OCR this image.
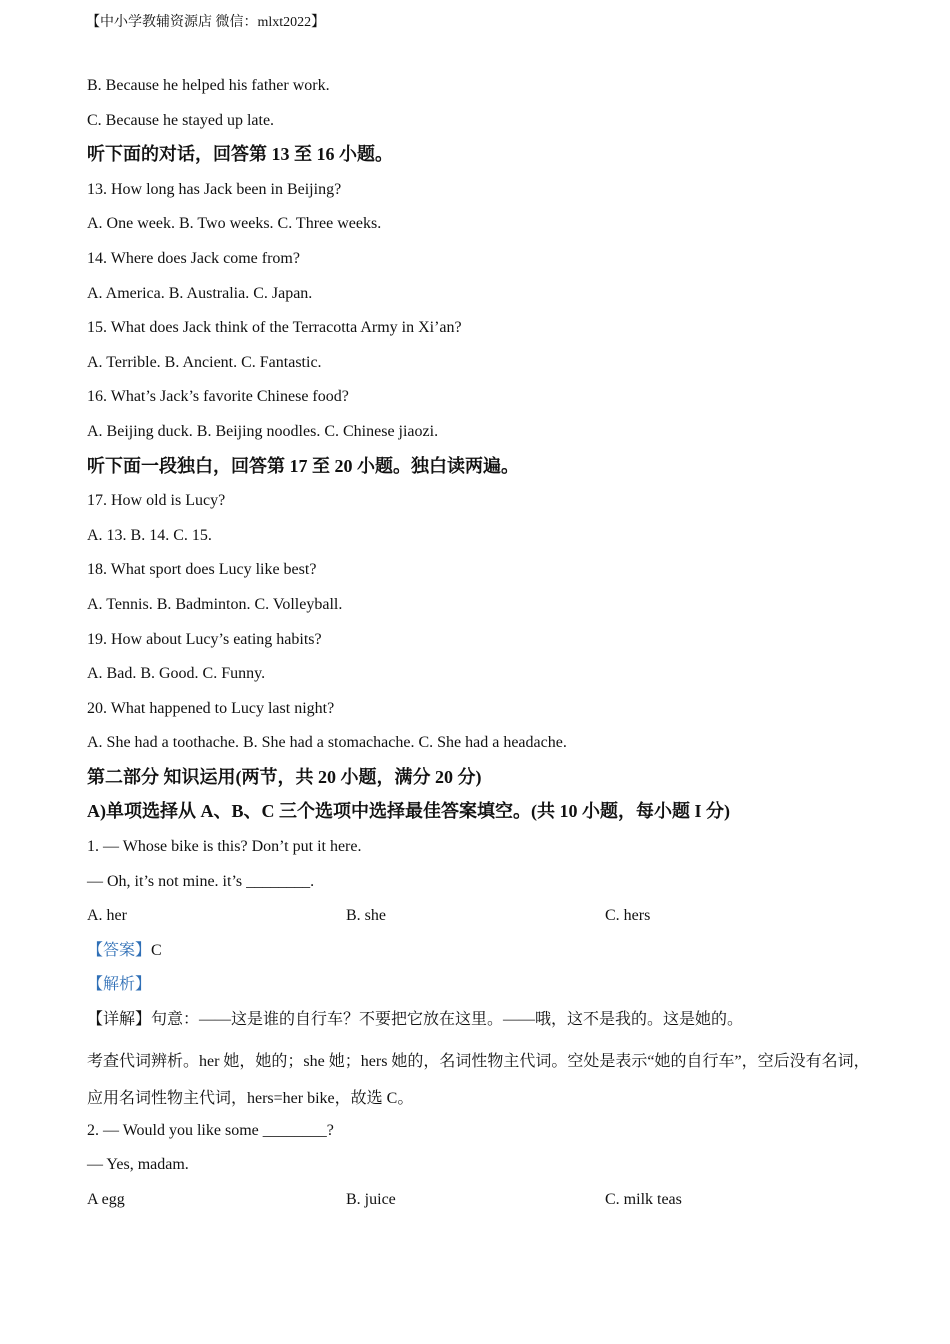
【中小学教辅资源店 微信：mlxt2022】
B. Because he helped his father work.
C. Because he stayed up late.
听下面的对话，回答第 13 至 16 小题。
13. How long has Jack been in Beijing?
A. One week. B. Two weeks. C. Three weeks.
14. Where does Jack come from?
A. America. B. Australia. C. Japan.
15. What does Jack think of the Terracotta Army in Xi’an?
A. Terrible. B. Ancient. C. Fantastic.
16. What’s Jack’s favorite Chinese food?
A. Beijing duck. B. Beijing noodles. C. Chinese jiaozi.
听下面一段独白，回答第 17 至 20 小题。独白读两遍。
17. How old is Lucy?
A. 13. B. 14. C. 15.
18. What sport does Lucy like best?
A. Tennis. B. Badminton. C. Volleyball.
19. How about Lucy’s eating habits?
A. Bad. B. Good. C. Funny.
20. What happened to Lucy last night?
A. She had a toothache. B. She had a stomachache. C. She had a headache.
第二部分 知识运用(两节，共 20 小题，满分 20 分)
A)单项选择从 A、B、C 三个选项中选择最佳答案填空。(共 10 小题，每小题 I 分)
1. — Whose bike is this? Don’t put it here.
— Oh, it’s not mine. it’s ________.
A. her	B. she	C. hers
【答案】C
【解析】
【详解】句意：——这是谁的自行车？不要把它放在这里。——哦，这不是我的。这是她的。
考查代词辨析。her 她，她的；she 她；hers 她的，名词性物主代词。空处是表示“她的自行车”，空后没有名词，应用名词性物主代词，hers=her bike，故选 C。
2. — Would you like some ________?
— Yes, madam.
A egg	B. juice	C. milk teas
